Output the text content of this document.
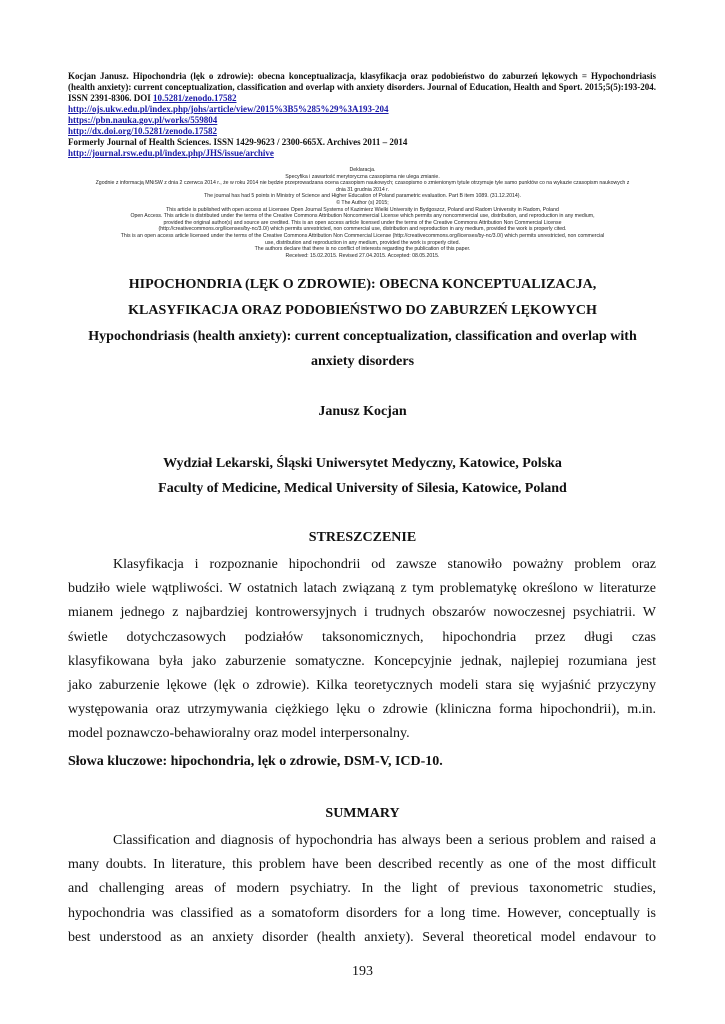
Kocjan Janusz. Hipochondria (lęk o zdrowie): obecna konceptualizacja, klasyfikacja oraz podobieństwo do zaburzeń lękowych = Hypochondriasis (health anxiety): current conceptualization, classification and overlap with anxiety disorders. Journal of Education, Health and Sport. 2015;5(5):193-204. ISSN 2391-8306. DOI 10.5281/zenodo.17582
http://ojs.ukw.edu.pl/index.php/johs/article/view/2015%3B5%285%29%3A193-204
https://pbn.nauka.gov.pl/works/559804
http://dx.doi.org/10.5281/zenodo.17582
Formerly Journal of Health Sciences. ISSN 1429-9623 / 2300-665X. Archives 2011 – 2014
http://journal.rsw.edu.pl/index.php/JHS/issue/archive
Deklaracja.
Specyfika i zawartość merytoryczna czasopisma nie ulega zmianie.
Zgodnie z informacją MNiSW z dnia 2 czerwca 2014 r., że w roku 2014 nie będzie przeprowadzana ocena czasopism naukowych; czasopismo o zmienionym tytule otrzymuje tyle samo punktów co na wykazie czasopism naukowych z
dnia 31 grudnia 2014 r.
The journal has had 5 points in Ministry of Science and Higher Education of Poland parametric evaluation. Part B item 1089. (31.12.2014).
© The Author (s) 2015;
This article is published with open access at Licensee Open Journal Systems of Kazimierz Wielki University in Bydgoszcz, Poland and Radom University in Radom, Poland
Open Access. This article is distributed under the terms of the Creative Commons Attribution Noncommercial License which permits any noncommercial use, distribution, and reproduction in any medium,
provided the original author(s) and source are credited. This is an open access article licensed under the terms of the Creative Commons Attribution Non Commercial License
(http://creativecommons.org/licenses/by-nc/3.0/) which permits unrestricted, non commercial use, distribution and reproduction in any medium, provided the work is properly cited.
This is an open access article licensed under the terms of the Creative Commons Attribution Non Commercial License (http://creativecommons.org/licenses/by-nc/3.0/) which permits unrestricted, non commercial
use, distribution and reproduction in any medium, provided the work is properly cited.
The authors declare that there is no conflict of interests regarding the publication of this paper.
Received: 15.02.2015. Revised 27.04.2015. Accepted: 08.05.2015.
HIPOCHONDRIA (LĘK O ZDROWIE): OBECNA KONCEPTUALIZACJA,
KLASYFIKACJA ORAZ PODOBIEŃSTWO DO ZABURZEŃ LĘKOWYCH
Hypochondriasis (health anxiety): current conceptualization, classification and overlap with
anxiety disorders
Janusz Kocjan
Wydział Lekarski, Śląski Uniwersytet Medyczny, Katowice, Polska
Faculty of Medicine, Medical University of Silesia, Katowice, Poland
STRESZCZENIE
Klasyfikacja i rozpoznanie hipochondrii od zawsze stanowiło poważny problem oraz
budziło wiele wątpliwości. W ostatnich latach związaną z tym problematykę określono w literaturze
mianem jednego z najbardziej kontrowersyjnych i trudnych obszarów nowoczesnej psychiatrii. W
świetle dotychczasowych podziałów taksonomicznych, hipochondria przez długi czas
klasyfikowana była jako zaburzenie somatyczne. Koncepcyjnie jednak, najlepiej rozumiana jest
jako zaburzenie lękowe (lęk o zdrowie). Kilka teoretycznych modeli stara się wyjaśnić przyczyny
występowania oraz utrzymywania ciężkiego lęku o zdrowie (kliniczna forma hipochondrii), m.in.
model poznawczo-behawioralny oraz model interpersonalny.
Słowa kluczowe: hipochondria, lęk o zdrowie, DSM-V, ICD-10.
SUMMARY
Classification and diagnosis of hypochondria has always been a serious problem and raised a
many doubts. In literature, this problem have been described recently as one of the most difficult
and challenging areas of modern psychiatry. In the light of previous taxonometric studies,
hypochondria was classified as a somatoform disorders for a long time. However, conceptually is
best understood as an anxiety disorder (health anxiety). Several theoretical model endavour to
193
